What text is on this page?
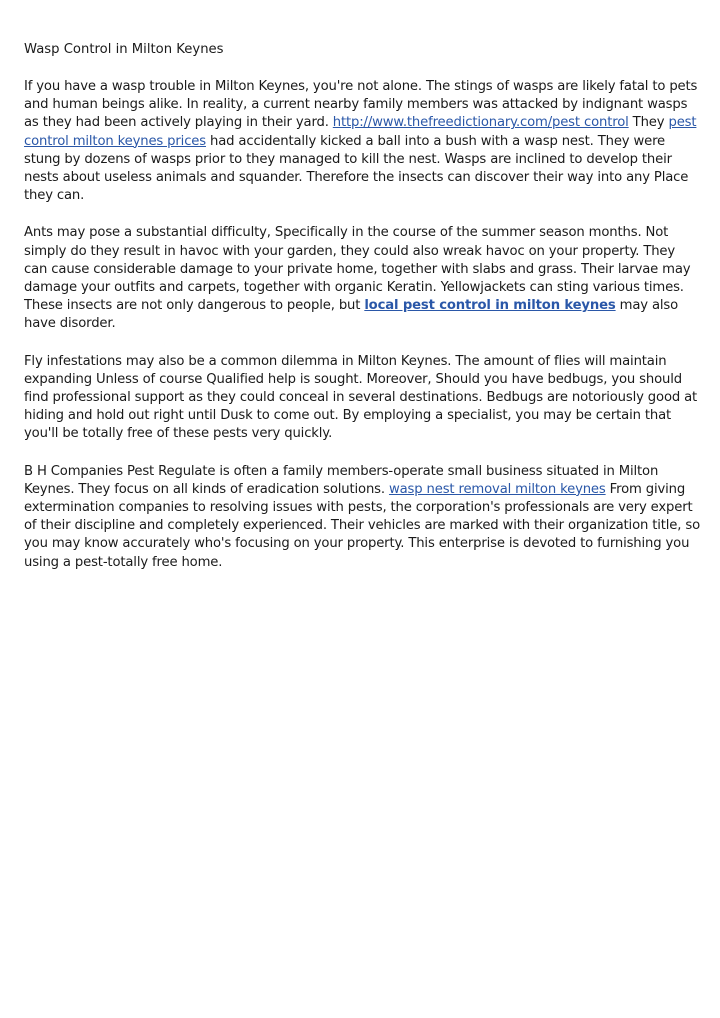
Wasp Control in Milton Keynes

If you have a wasp trouble in Milton Keynes, you're not alone. The stings of wasps are likely fatal to pets and human beings alike. In reality, a current nearby family members was attacked by indignant wasps as they had been actively playing in their yard. http://www.thefreedictionary.com/pest control They pest control milton keynes prices had accidentally kicked a ball into a bush with a wasp nest. They were stung by dozens of wasps prior to they managed to kill the nest. Wasps are inclined to develop their nests about useless animals and squander. Therefore the insects can discover their way into any Place they can.

Ants may pose a substantial difficulty, Specifically in the course of the summer season months. Not simply do they result in havoc with your garden, they could also wreak havoc on your property. They can cause considerable damage to your private home, together with slabs and grass. Their larvae may damage your outfits and carpets, together with organic Keratin. Yellowjackets can sting various times. These insects are not only dangerous to people, but local pest control in milton keynes may also have disorder.

Fly infestations may also be a common dilemma in Milton Keynes. The amount of flies will maintain expanding Unless of course Qualified help is sought. Moreover, Should you have bedbugs, you should find professional support as they could conceal in several destinations. Bedbugs are notoriously good at hiding and hold out right until Dusk to come out. By employing a specialist, you may be certain that you'll be totally free of these pests very quickly.

B H Companies Pest Regulate is often a family members-operate small business situated in Milton Keynes. They focus on all kinds of eradication solutions. wasp nest removal milton keynes From giving extermination companies to resolving issues with pests, the corporation's professionals are very expert of their discipline and completely experienced. Their vehicles are marked with their organization title, so you may know accurately who's focusing on your property. This enterprise is devoted to furnishing you using a pest-totally free home.
